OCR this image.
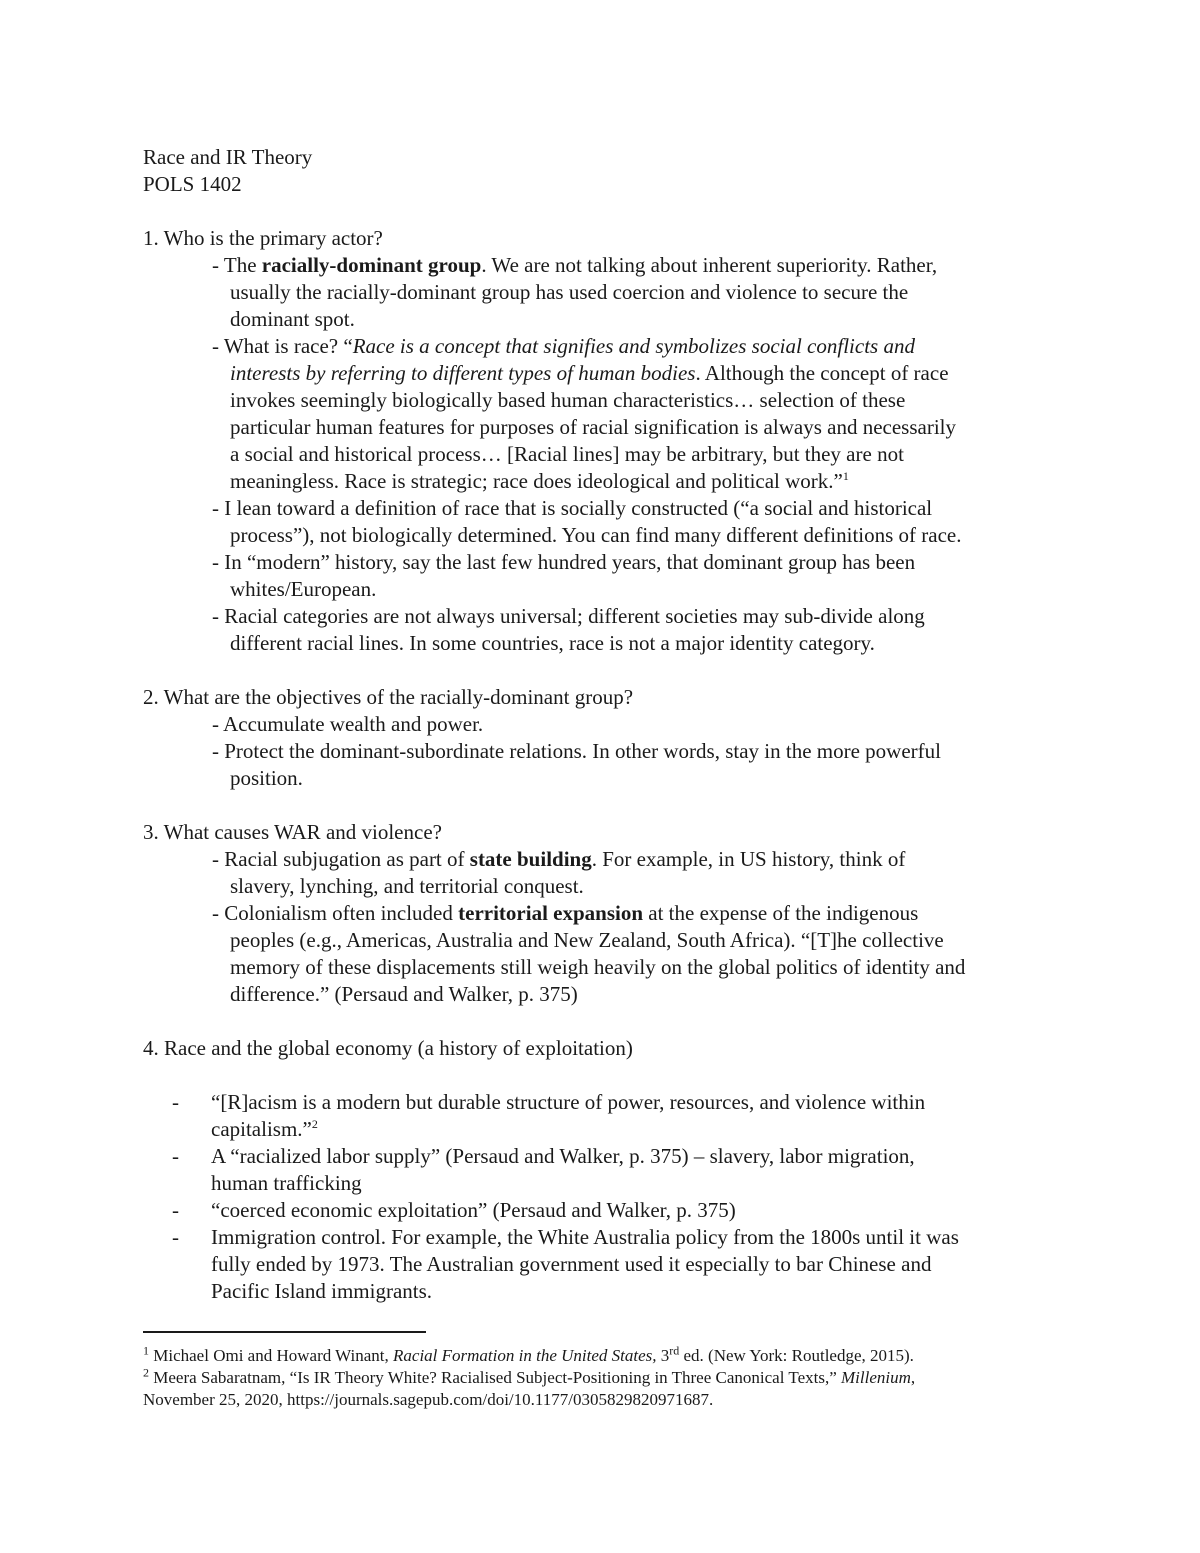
Race and IR Theory
POLS 1402
1. Who is the primary actor?
- The racially-dominant group. We are not talking about inherent superiority. Rather,
usually the racially-dominant group has used coercion and violence to secure the
dominant spot.
- What is race? “Race is a concept that signifies and symbolizes social conflicts and
interests by referring to different types of human bodies. Although the concept of race
invokes seemingly biologically based human characteristics… selection of these
particular human features for purposes of racial signification is always and necessarily
a social and historical process… [Racial lines] may be arbitrary, but they are not
meaningless. Race is strategic; race does ideological and political work.”$^1$
- I lean toward a definition of race that is socially constructed (“a social and historical
process”), not biologically determined. You can find many different definitions of race.
- In “modern” history, say the last few hundred years, that dominant group has been
whites/European.
- Racial categories are not always universal; different societies may sub-divide along
different racial lines. In some countries, race is not a major identity category.
2. What are the objectives of the racially-dominant group?
- Accumulate wealth and power.
- Protect the dominant-subordinate relations. In other words, stay in the more powerful
position.
3. What causes WAR and violence?
- Racial subjugation as part of state building. For example, in US history, think of
slavery, lynching, and territorial conquest.
- Colonialism often included territorial expansion at the expense of the indigenous
peoples (e.g., Americas, Australia and New Zealand, South Africa). “[T]he collective
memory of these displacements still weigh heavily on the global politics of identity and
difference.” (Persaud and Walker, p. 375)
4. Race and the global economy (a history of exploitation)
- “[R]acism is a modern but durable structure of power, resources, and violence within
capitalism.”$^2$
- A “racialized labor supply” (Persaud and Walker, p. 375) – slavery, labor migration,
human trafficking
- “coerced economic exploitation” (Persaud and Walker, p. 375)
- Immigration control. For example, the White Australia policy from the 1800s until it was
fully ended by 1973. The Australian government used it especially to bar Chinese and
Pacific Island immigrants.
$^1$ Michael Omi and Howard Winant, Racial Formation in the United States, 3rd ed. (New York: Routledge, 2015).
$^2$ Meera Sabaratnam, “Is IR Theory White? Racialised Subject-Positioning in Three Canonical Texts,” Millenium,
November 25, 2020, https://journals.sagepub.com/doi/10.1177/0305829820971687.
